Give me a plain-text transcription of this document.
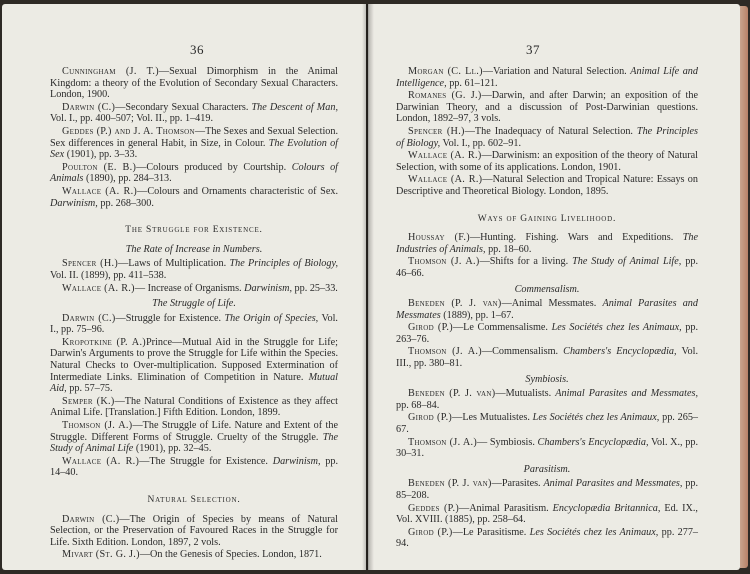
36
Cunningham (J. T.)—Sexual Dimorphism in the Animal Kingdom: a theory of the Evolution of Secondary Sexual Characters. London, 1900.
Darwin (C.)—Secondary Sexual Characters. The Descent of Man, Vol. I., pp. 400–507; Vol. II., pp. 1–419.
Geddes (P.) and J. A. Thomson—The Sexes and Sexual Selection. Sex differences in general Habit, in Size, in Colour. The Evolution of Sex (1901), pp. 3–33.
Poulton (E. B.)—Colours produced by Courtship. Colours of Animals (1890), pp. 284–313.
Wallace (A. R.)—Colours and Ornaments characteristic of Sex. Darwinism, pp. 268–300.
The Struggle for Existence.
The Rate of Increase in Numbers.
Spencer (H.)—Laws of Multiplication. The Principles of Biology, Vol. II. (1899), pp. 411–538.
Wallace (A. R.)— Increase of Organisms. Darwinism, pp. 25–33.
The Struggle of Life.
Darwin (C.)—Struggle for Existence. The Origin of Species, Vol. I., pp. 75–96.
Kropotkine (P. A.)Prince—Mutual Aid in the Struggle for Life; Darwin's Arguments to prove the Struggle for Life within the Species. Natural Checks to Over-multiplication. Supposed Extermination of Intermediate Links. Elimination of Competition in Nature. Mutual Aid, pp. 57–75.
Semper (K.)—The Natural Conditions of Existence as they affect Animal Life. [Translation.] Fifth Edition. London, 1899.
Thomson (J. A.)—The Struggle of Life. Nature and Extent of the Struggle. Different Forms of Struggle. Cruelty of the Struggle. The Study of Animal Life (1901), pp. 32–45.
Wallace (A. R.)—The Struggle for Existence. Darwinism, pp. 14–40.
Natural Selection.
Darwin (C.)—The Origin of Species by means of Natural Selection, or the Preservation of Favoured Races in the Struggle for Life. Sixth Edition. London, 1897, 2 vols.
Mivart (St. G. J.)—On the Genesis of Species. London, 1871.
37
Morgan (C. Ll.)—Variation and Natural Selection. Animal Life and Intelligence, pp. 61–121.
Romanes (G. J.)—Darwin, and after Darwin; an exposition of the Darwinian Theory, and a discussion of Post-Darwinian questions. London, 1892–97, 3 vols.
Spencer (H.)—The Inadequacy of Natural Selection. The Principles of Biology, Vol. I., pp. 602–91.
Wallace (A. R.)—Darwinism: an exposition of the theory of Natural Selection, with some of its applications. London, 1901.
Wallace (A. R.)—Natural Selection and Tropical Nature: Essays on Descriptive and Theoretical Biology. London, 1895.
Ways of Gaining Livelihood.
Houssay (F.)—Hunting. Fishing. Wars and Expeditions. The Industries of Animals, pp. 18–60.
Thomson (J. A.)—Shifts for a living. The Study of Animal Life, pp. 46–66.
Commensalism.
Beneden (P. J. van)—Animal Messmates. Animal Parasites and Messmates (1889), pp. 1–67.
Girod (P.)—Le Commensalisme. Les Sociétés chez les Animaux, pp. 263–76.
Thomson (J. A.)—Commensalism. Chambers's Encyclopædia, Vol. III., pp. 380–81.
Symbiosis.
Beneden (P. J. van)—Mutualists. Animal Parasites and Messmates, pp. 68–84.
Girod (P.)—Les Mutualistes. Les Sociétés chez les Animaux, pp. 265–67.
Thomson (J. A.)— Symbiosis. Chambers's Encyclopædia, Vol. X., pp. 30–31.
Parasitism.
Beneden (P. J. van)—Parasites. Animal Parasites and Messmates, pp. 85–208.
Geddes (P.)—Animal Parasitism. Encyclopædia Britannica, Ed. IX., Vol. XVIII. (1885), pp. 258–64.
Girod (P.)—Le Parasitisme. Les Sociétés chez les Animaux, pp. 277–94.
